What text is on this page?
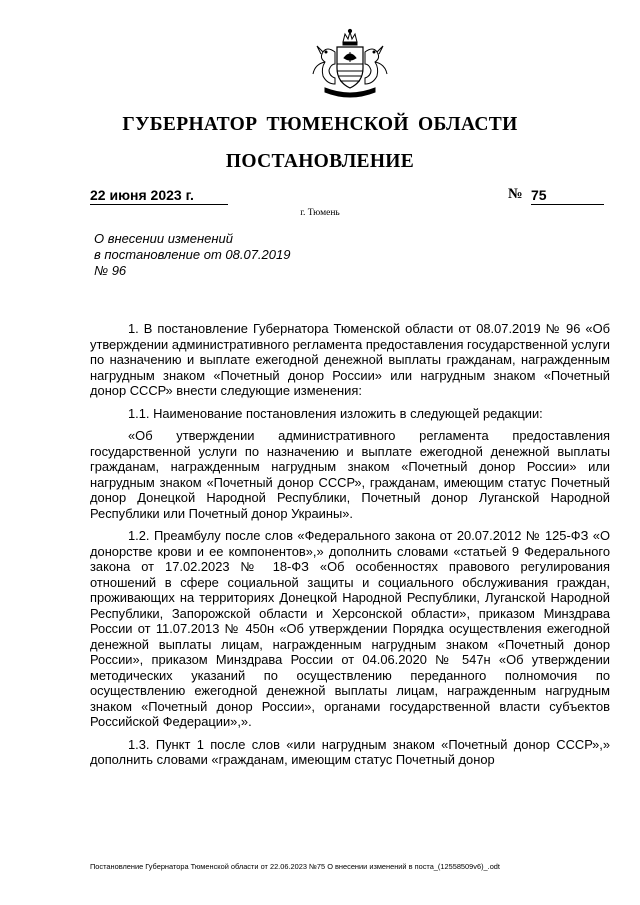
ГУБЕРНАТОР ТЮМЕНСКОЙ ОБЛАСТИ
ПОСТАНОВЛЕНИЕ
22 июня 2023 г.	№ 75
г. Тюмень
О внесении изменений
в постановление от 08.07.2019
№ 96

1. В постановление Губернатора Тюменской области от 08.07.2019 № 96 «Об утверждении административного регламента предоставления государственной услуги по назначению и выплате ежегодной денежной выплаты гражданам, награжденным нагрудным знаком «Почетный донор России» или нагрудным знаком «Почетный донор СССР» внести следующие изменения:

1.1. Наименование постановления изложить в следующей редакции:

«Об утверждении административного регламента предоставления государственной услуги по назначению и выплате ежегодной денежной выплаты гражданам, награжденным нагрудным знаком «Почетный донор России» или нагрудным знаком «Почетный донор СССР», гражданам, имеющим статус Почетный донор Донецкой Народной Республики, Почетный донор Луганской Народной Республики или Почетный донор Украины».

1.2. Преамбулу после слов «Федерального закона от 20.07.2012 № 125-ФЗ «О донорстве крови и ее компонентов»,» дополнить словами «статьей 9 Федерального закона от 17.02.2023 № 18-ФЗ «Об особенностях правового регулирования отношений в сфере социальной защиты и социального обслуживания граждан, проживающих на территориях Донецкой Народной Республики, Луганской Народной Республики, Запорожской области и Херсонской области», приказом Минздрава России от 11.07.2013 № 450н «Об утверждении Порядка осуществления ежегодной денежной выплаты лицам, награжденным нагрудным знаком «Почетный донор России», приказом Минздрава России от 04.06.2020 № 547н «Об утверждении методических указаний по осуществлению переданного полномочия по осуществлению ежегодной денежной выплаты лицам, награжденным нагрудным знаком «Почетный донор России», органами государственной власти субъектов Российской Федерации»,».

1.3. Пункт 1 после слов «или нагрудным знаком «Почетный донор СССР»,» дополнить словами «гражданам, имеющим статус Почетный донор

Постановление Губернатора Тюменской области от 22.06.2023 №75 О внесении изменений в поста_(12558509v6)_.odt
